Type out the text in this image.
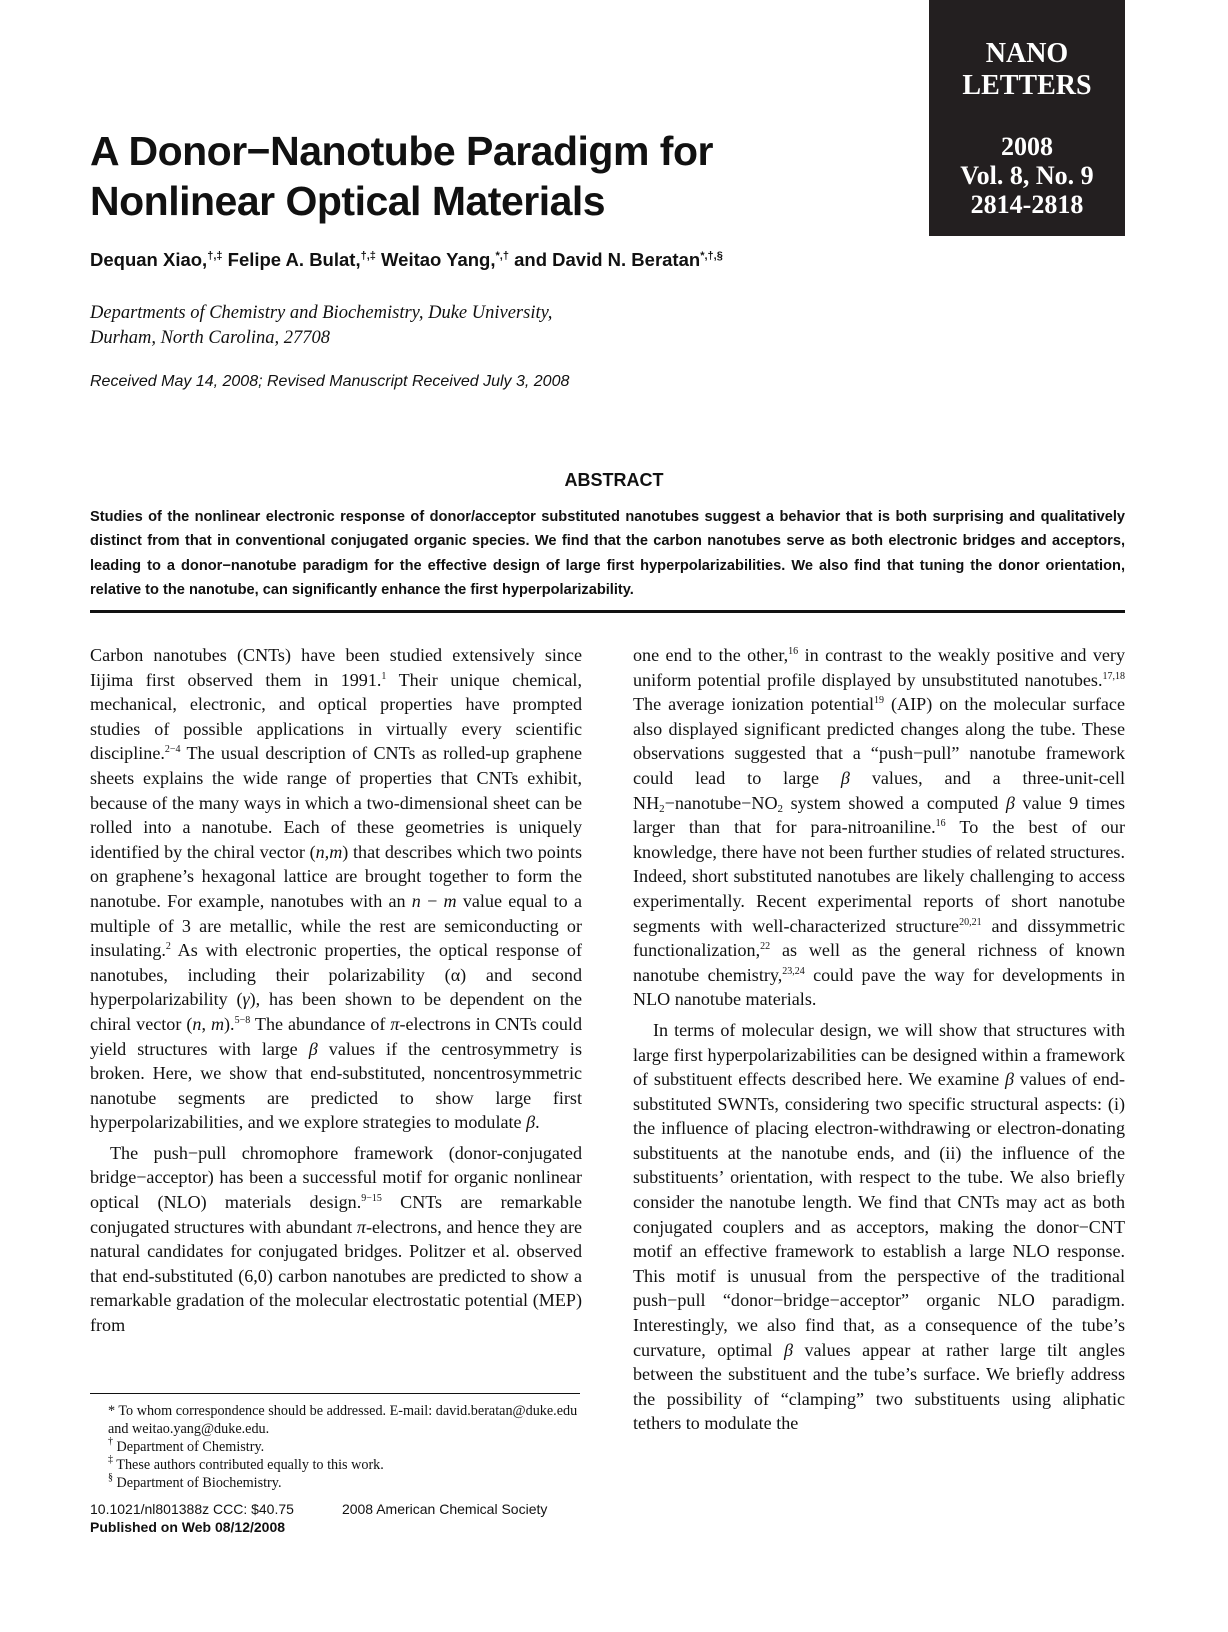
NANO
LETTERS
2008
Vol. 8, No. 9
2814-2818
A Donor−Nanotube Paradigm for
Nonlinear Optical Materials
Dequan Xiao,†,‡ Felipe A. Bulat,†,‡ Weitao Yang,*,† and David N. Beratan*,†,§
Departments of Chemistry and Biochemistry, Duke University,
Durham, North Carolina, 27708
Received May 14, 2008; Revised Manuscript Received July 3, 2008
ABSTRACT
Studies of the nonlinear electronic response of donor/acceptor substituted nanotubes suggest a behavior that is both surprising and qualitatively distinct from that in conventional conjugated organic species. We find that the carbon nanotubes serve as both electronic bridges and acceptors, leading to a donor−nanotube paradigm for the effective design of large first hyperpolarizabilities. We also find that tuning the donor orientation, relative to the nanotube, can significantly enhance the first hyperpolarizability.

Carbon nanotubes (CNTs) have been studied extensively since Iijima first observed them in 1991.$^1$ Their unique chemical, mechanical, electronic, and optical properties have prompted studies of possible applications in virtually every scientific discipline.$^{2-4}$ The usual description of CNTs as rolled-up graphene sheets explains the wide range of properties that CNTs exhibit, because of the many ways in which a two-dimensional sheet can be rolled into a nanotube. Each of these geometries is uniquely identified by the chiral vector (n,m) that describes which two points on graphene’s hexagonal lattice are brought together to form the nanotube. For example, nanotubes with an n − m value equal to a multiple of 3 are metallic, while the rest are semiconducting or insulating.$^2$ As with electronic properties, the optical response of nanotubes, including their polarizability (α) and second hyperpolarizability (γ), has been shown to be dependent on the chiral vector (n, m).$^{5-8}$ The abundance of π-electrons in CNTs could yield structures with large β values if the centrosymmetry is broken. Here, we show that end-substituted, noncentrosymmetric nanotube segments are predicted to show large first hyperpolarizabilities, and we explore strategies to modulate β.

The push−pull chromophore framework (donor-conjugated bridge−acceptor) has been a successful motif for organic nonlinear optical (NLO) materials design.$^{9-15}$ CNTs are remarkable conjugated structures with abundant π-electrons, and hence they are natural candidates for conjugated bridges. Politzer et al. observed that end-substituted (6,0) carbon nanotubes are predicted to show a remarkable gradation of the molecular electrostatic potential (MEP) from

one end to the other,$^{16}$ in contrast to the weakly positive and very uniform potential profile displayed by unsubstituted nanotubes.$^{17,18}$ The average ionization potential$^{19}$ (AIP) on the molecular surface also displayed significant predicted changes along the tube. These observations suggested that a “push−pull” nanotube framework could lead to large β values, and a three-unit-cell $NH_2-nanotube-NO_2$ system showed a computed β value 9 times larger than that for para-nitroaniline.$^{16}$ To the best of our knowledge, there have not been further studies of related structures. Indeed, short substituted nanotubes are likely challenging to access experimentally. Recent experimental reports of short nanotube segments with well-characterized structure$^{20,21}$ and dissymmetric functionalization,$^{22}$ as well as the general richness of known nanotube chemistry,$^{23,24}$ could pave the way for developments in NLO nanotube materials.

In terms of molecular design, we will show that structures with large first hyperpolarizabilities can be designed within a framework of substituent effects described here. We examine β values of end-substituted SWNTs, considering two specific structural aspects: (i) the influence of placing electron-withdrawing or electron-donating substituents at the nanotube ends, and (ii) the influence of the substituents’ orientation, with respect to the tube. We also briefly consider the nanotube length. We find that CNTs may act as both conjugated couplers and as acceptors, making the donor−CNT motif an effective framework to establish a large NLO response. This motif is unusual from the perspective of the traditional push−pull “donor−bridge−acceptor” organic NLO paradigm. Interestingly, we also find that, as a consequence of the tube’s curvature, optimal β values appear at rather large tilt angles between the substituent and the tube’s surface. We briefly address the possibility of “clamping” two substituents using aliphatic tethers to modulate the

* To whom correspondence should be addressed. E-mail: david.beratan@duke.edu and weitao.yang@duke.edu.
† Department of Chemistry.
‡ These authors contributed equally to this work.
§ Department of Biochemistry.
10.1021/nl801388z CCC: $40.75	2008 American Chemical Society
Published on Web 08/12/2008
